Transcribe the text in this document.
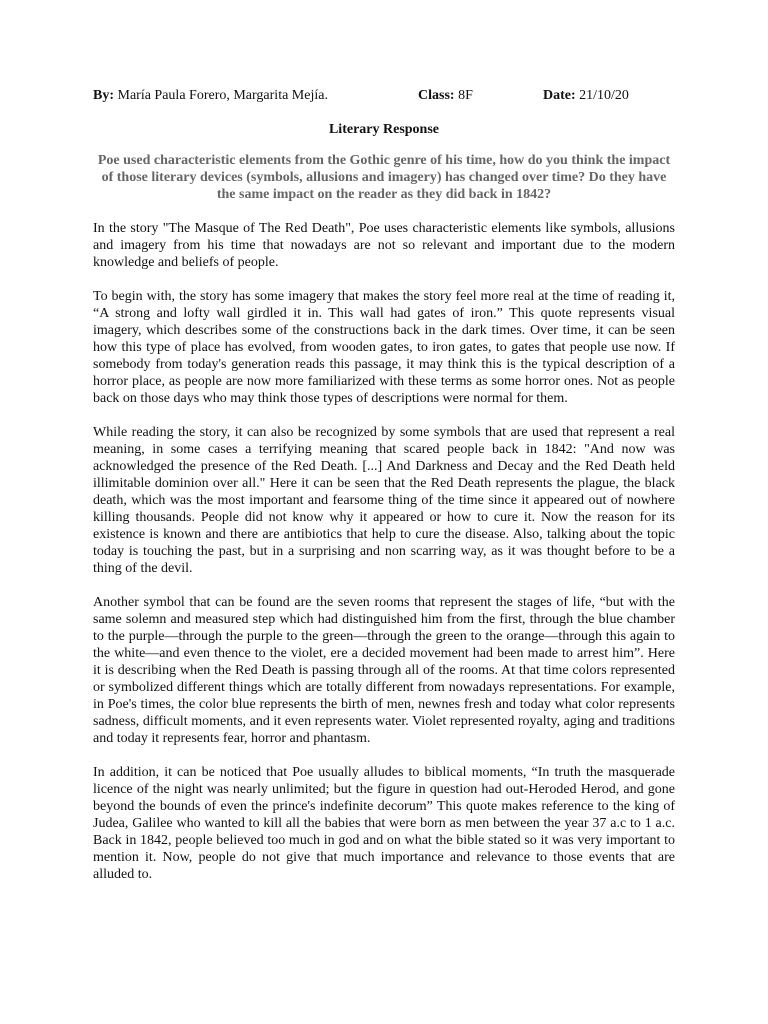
By: María Paula Forero, Margarita Mejía.	Class: 8F	Date: 21/10/20
Literary Response
Poe used characteristic elements from the Gothic genre of his time, how do you think the impact of those literary devices (symbols, allusions and imagery) has changed over time? Do they have the same impact on the reader as they did back in 1842?

In the story "The Masque of The Red Death", Poe uses characteristic elements like symbols, allusions and imagery from his time that nowadays are not so relevant and important due to the modern knowledge and beliefs of people.

To begin with, the story has some imagery that makes the story feel more real at the time of reading it, “A strong and lofty wall girdled it in. This wall had gates of iron.” This quote represents visual imagery, which describes some of the constructions back in the dark times. Over time, it can be seen how this type of place has evolved, from wooden gates, to iron gates, to gates that people use now. If somebody from today's generation reads this passage, it may think this is the typical description of a horror place, as people are now more familiarized with these terms as some horror ones. Not as people back on those days who may think those types of descriptions were normal for them.

While reading the story, it can also be recognized by some symbols that are used that represent a real meaning, in some cases a terrifying meaning that scared people back in 1842: "And now was acknowledged the presence of the Red Death. [...] And Darkness and Decay and the Red Death held illimitable dominion over all." Here it can be seen that the Red Death represents the plague, the black death, which was the most important and fearsome thing of the time since it appeared out of nowhere killing thousands. People did not know why it appeared or how to cure it. Now the reason for its existence is known and there are antibiotics that help to cure the disease. Also, talking about the topic today is touching the past, but in a surprising and non scarring way, as it was thought before to be a thing of the devil.

Another symbol that can be found are the seven rooms that represent the stages of life, “but with the same solemn and measured step which had distinguished him from the first, through the blue chamber to the purple—through the purple to the green—through the green to the orange—through this again to the white—and even thence to the violet, ere a decided movement had been made to arrest him”. Here it is describing when the Red Death is passing through all of the rooms. At that time colors represented or symbolized different things which are totally different from nowadays representations. For example, in Poe's times, the color blue represents the birth of men, newnes fresh and today what color represents sadness, difficult moments, and it even represents water. Violet represented royalty, aging and traditions and today it represents fear, horror and phantasm.

In addition, it can be noticed that Poe usually alludes to biblical moments, “In truth the masquerade licence of the night was nearly unlimited; but the figure in question had out-Heroded Herod, and gone beyond the bounds of even the prince's indefinite decorum” This quote makes reference to the king of Judea, Galilee who wanted to kill all the babies that were born as men between the year 37 a.c to 1 a.c. Back in 1842, people believed too much in god and on what the bible stated so it was very important to mention it. Now, people do not give that much importance and relevance to those events that are alluded to.
